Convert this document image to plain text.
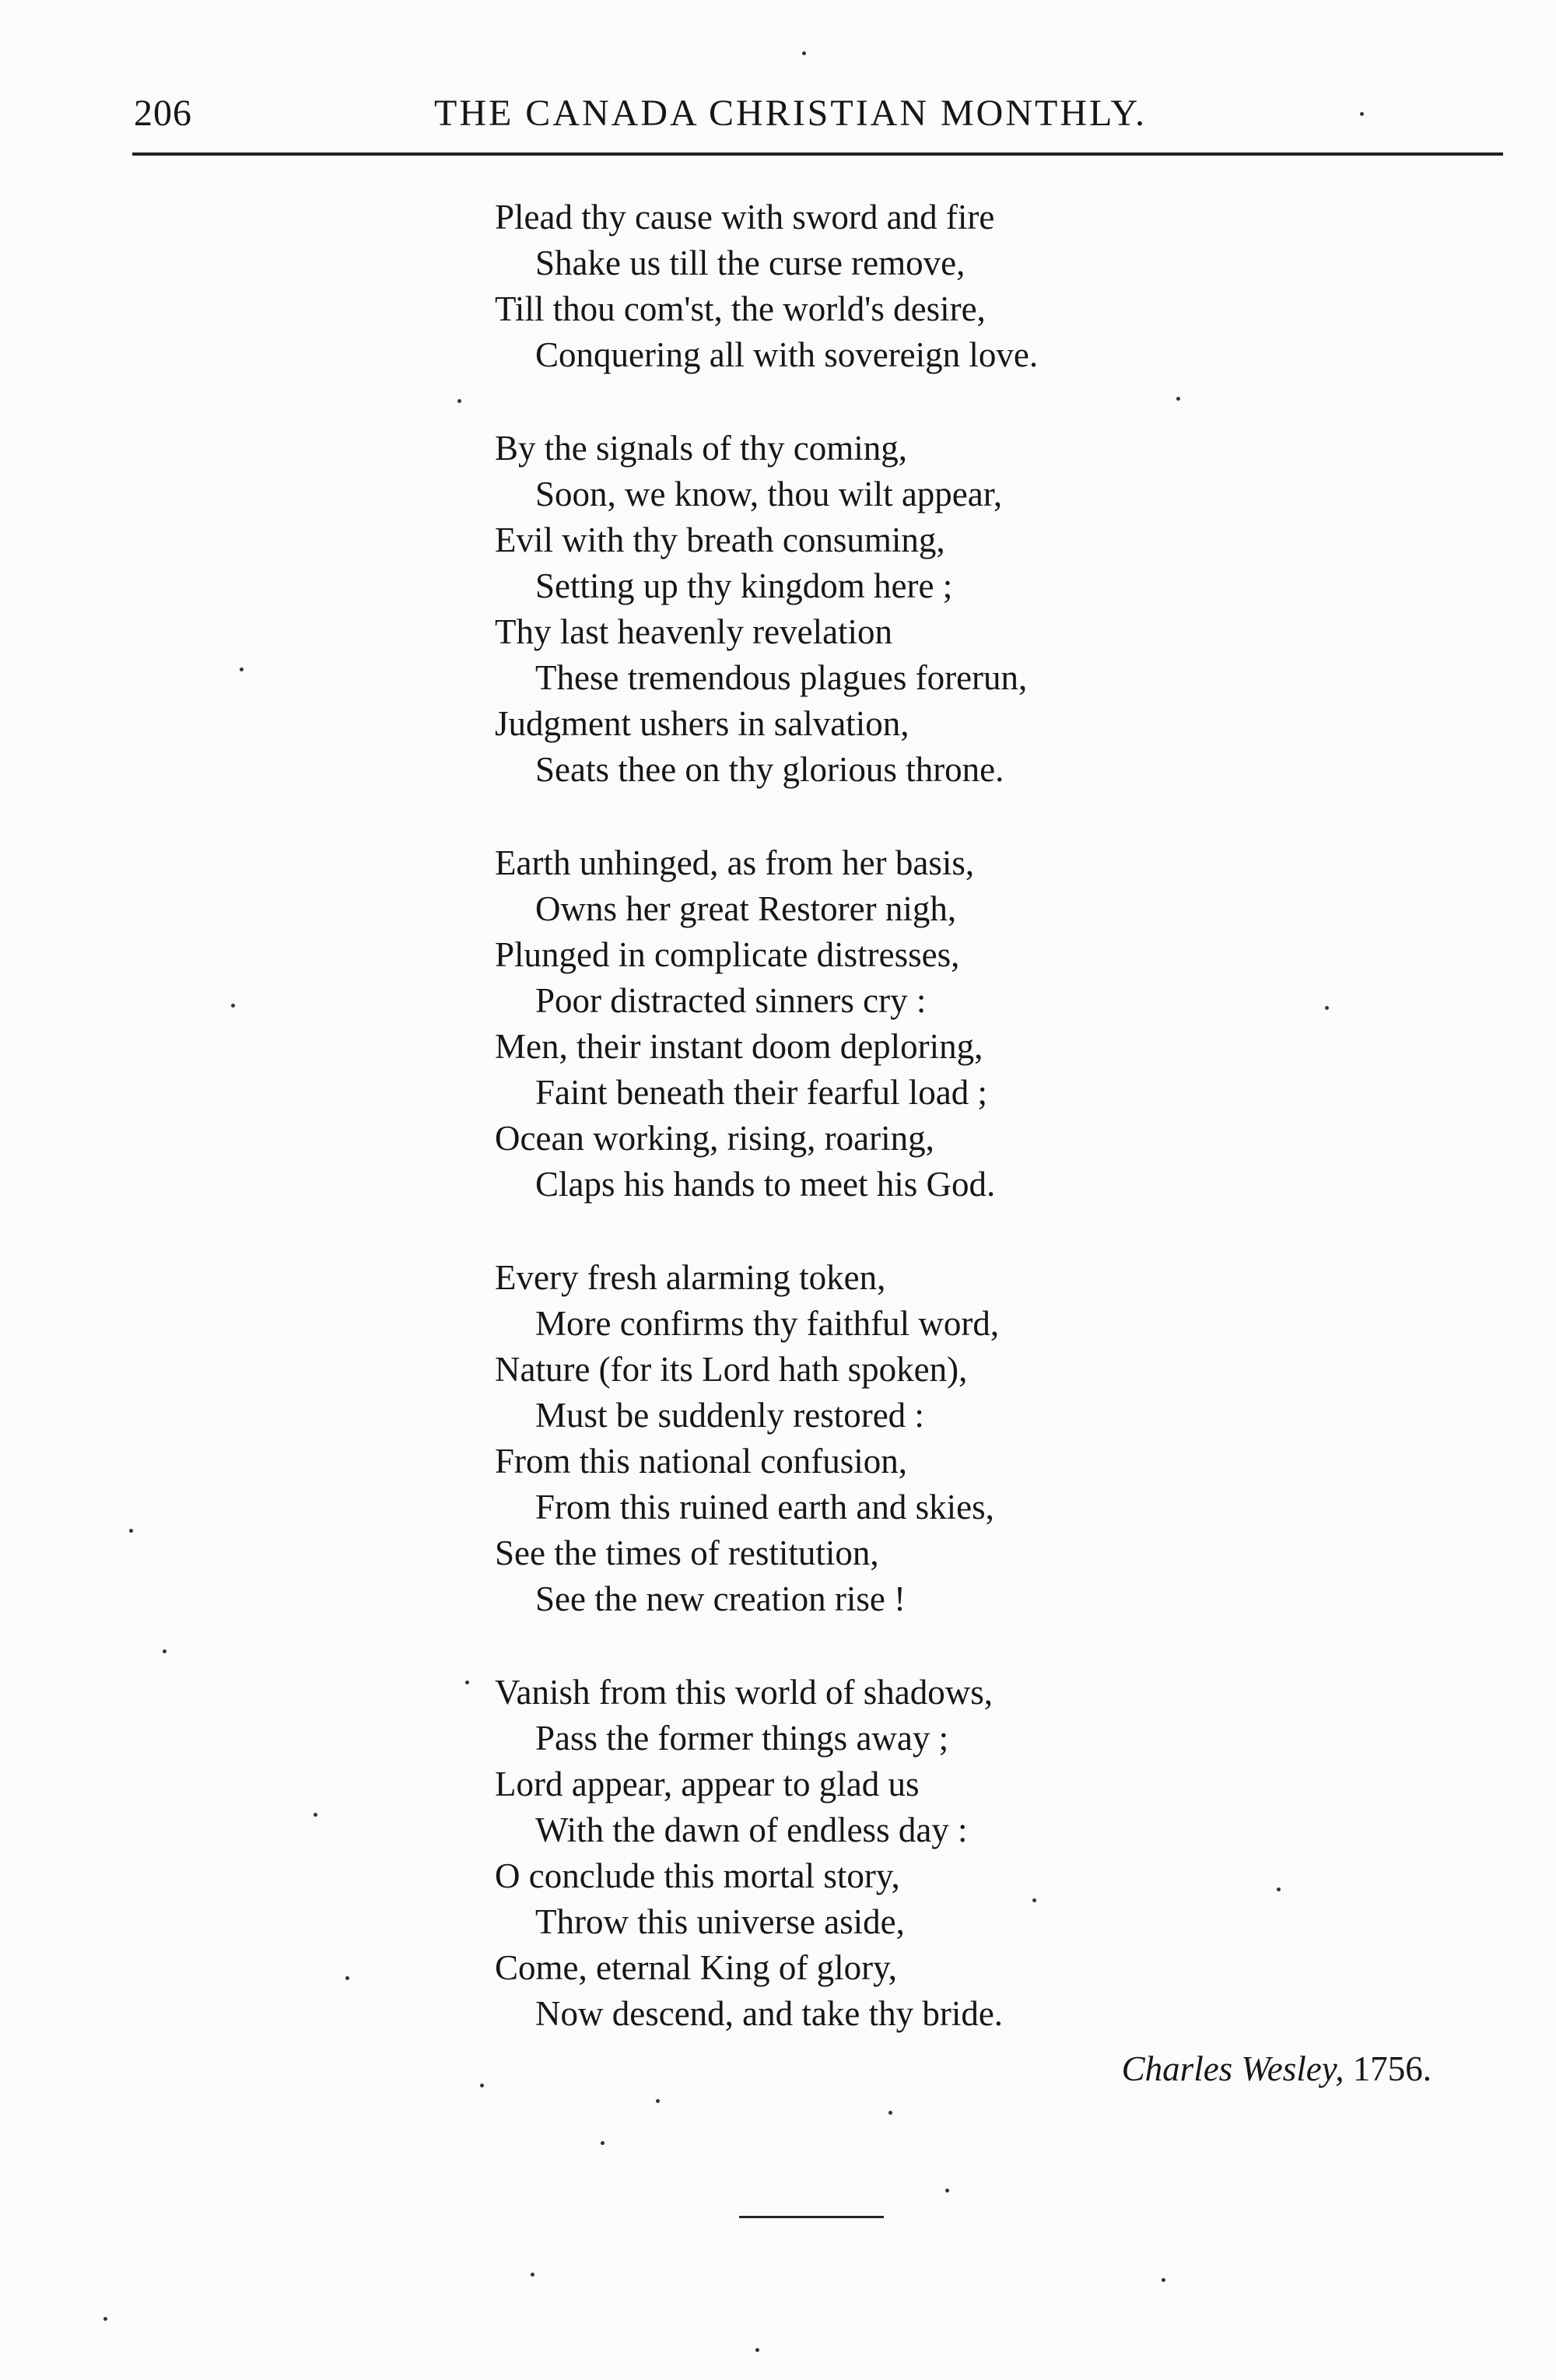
206	THE CANADA CHRISTIAN MONTHLY.
Plead thy cause with sword and fire
Shake us till the curse remove,
Till thou com'st, the world's desire,
Conquering all with sovereign love.
By the signals of thy coming,
Soon, we know, thou wilt appear,
Evil with thy breath consuming,
Setting up thy kingdom here ;
Thy last heavenly revelation
These tremendous plagues forerun,
Judgment ushers in salvation,
Seats thee on thy glorious throne.
Earth unhinged, as from her basis,
Owns her great Restorer nigh,
Plunged in complicate distresses,
Poor distracted sinners cry :
Men, their instant doom deploring,
Faint beneath their fearful load ;
Ocean working, rising, roaring,
Claps his hands to meet his God.
Every fresh alarming token,
More confirms thy faithful word,
Nature (for its Lord hath spoken),
Must be suddenly restored :
From this national confusion,
From this ruined earth and skies,
See the times of restitution,
See the new creation rise !
Vanish from this world of shadows,
Pass the former things away ;
Lord appear, appear to glad us
With the dawn of endless day :
O conclude this mortal story,
Throw this universe aside,
Come, eternal King of glory,
Now descend, and take thy bride.
Charles Wesley, 1756.
